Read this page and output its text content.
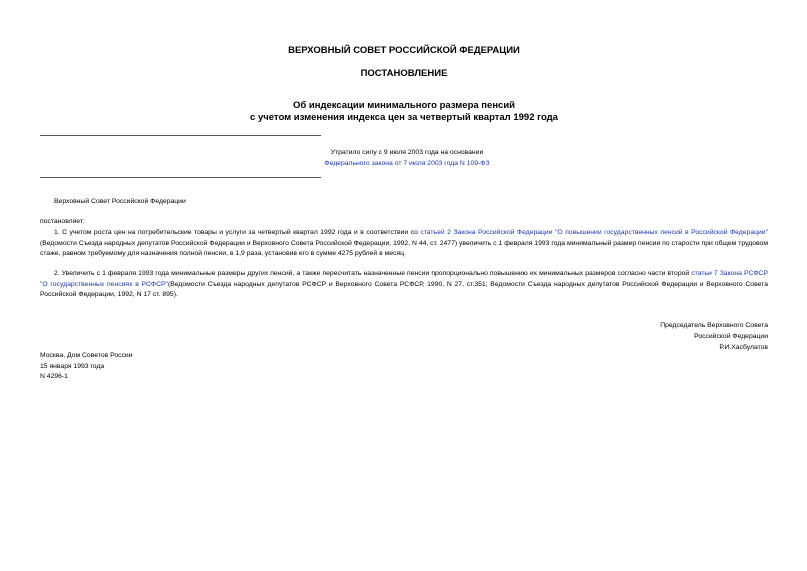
ВЕРХОВНЫЙ СОВЕТ РОССИЙСКОЙ ФЕДЕРАЦИИ
ПОСТАНОВЛЕНИЕ
Об индексации минимального размера пенсий
с учетом изменения индекса цен за четвертый квартал 1992 года
Утратило силу с 9 июля 2003 года на основании
Федерального закона от 7 июля 2003 года N 109-ФЗ
Верховный Совет Российской Федерации
постановляет:
1. С учетом роста цен на потребительские товары и услуги за четвертый квартал 1992 года и в соответствии со статьей 2 Закона Российской Федерации "О повышении государственных пенсий в Российской Федерации" (Ведомости Съезда народных депутатов Российской Федерации и Верховного Совета Российской Федерации, 1992, N 44, ст. 2477) увеличить с 1 февраля 1993 года минимальный размер пенсии по старости при общем трудовом стаже, равном требуемому для назначения полной пенсии, в 1,9 раза, установив его в сумме 4275 рублей в месяц.
2. Увеличить с 1 февраля 1993 года минимальные размеры других пенсий, а также пересчитать назначенные пенсии пропорционально повышению их минимальных размеров согласно части второй статьи 7 Закона РСФСР "О государственных пенсиях в РСФСР"(Ведомости Съезда народных депутатов РСФСР и Верховного Совета РСФСР, 1990, N 27, ст.351; Ведомости Съезда народных депутатов Российской Федерации и Верховного Совета Российской Федерации, 1992, N 17 ст. 895).
Председатель Верховного Совета
Российской Федерации
Р.И.Хасбулатов
Москва, Дом Советов России
15 января 1993 года
N 4296-1
